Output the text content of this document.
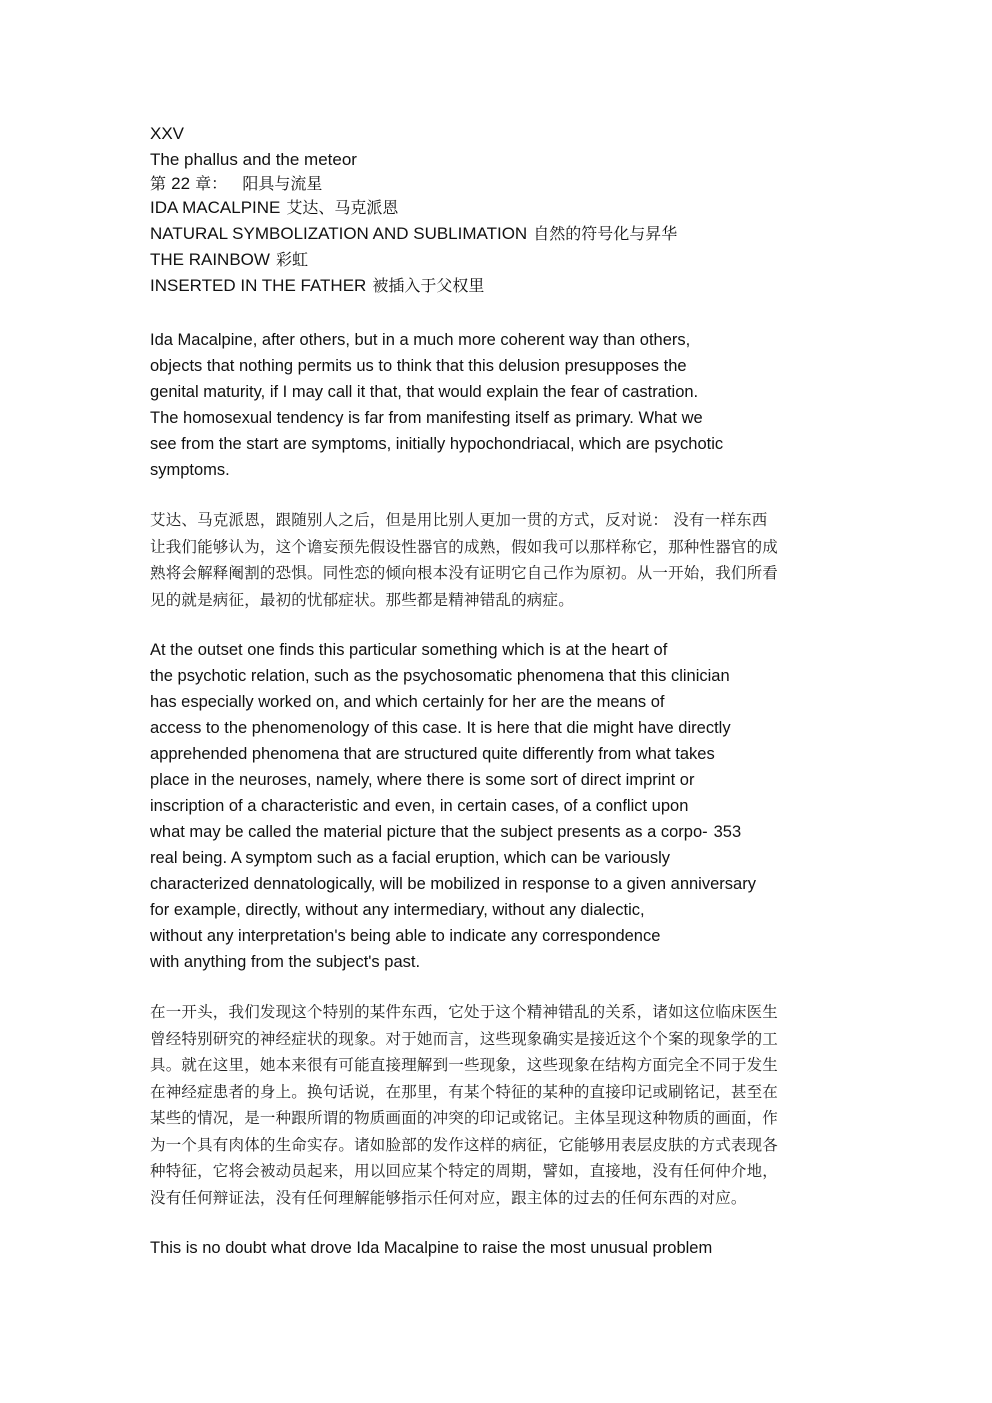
XXV
The phallus and the meteor
第 22 章： 阳具与流星
IDA MACALPINE 艾达、马克派恩
NATURAL SYMBOLIZATION AND SUBLIMATION 自然的符号化与昇华
THE RAINBOW 彩虹
INSERTED IN THE FATHER 被插入于父权里

Ida Macalpine, after others, but in a much more coherent way than others,
objects that nothing permits us to think that this delusion presupposes the
genital maturity, if I may call it that, that would explain the fear of castration.
The homosexual tendency is far from manifesting itself as primary. What we
see from the start are symptoms, initially hypochondriacal, which are psychotic
symptoms.

艾达、马克派恩，跟随别人之后，但是用比别人更加一贯的方式，反对说： 没有一样东西
让我们能够认为，这个谵妄预先假设性器官的成熟，假如我可以那样称它，那种性器官的成
熟将会解释阉割的恐惧。同性恋的倾向根本没有证明它自己作为原初。从一开始，我们所看
见的就是病征，最初的忧郁症状。那些都是精神错乱的病症。

At the outset one finds this particular something which is at the heart of
the psychotic relation, such as the psychosomatic phenomena that this clinician
has especially worked on, and which certainly for her are the means of
access to the phenomenology of this case. It is here that die might have directly
apprehended phenomena that are structured quite differently from what takes
place in the neuroses, namely, where there is some sort of direct imprint or
inscription of a characteristic and even, in certain cases, of a conflict upon
what may be called the material picture that the subject presents as a corpo- 353
real being. A symptom such as a facial eruption, which can be variously
characterized dennatologically, will be mobilized in response to a given anniversary
for example, directly, without any intermediary, without any dialectic,
without any interpretation's being able to indicate any correspondence
with anything from the subject's past.

在一开头，我们发现这个特别的某件东西，它处于这个精神错乱的关系，诸如这位临床医生
曾经特别研究的神经症状的现象。对于她而言，这些现象确实是接近这个个案的现象学的工
具。就在这里，她本来很有可能直接理解到一些现象，这些现象在结构方面完全不同于发生
在神经症患者的身上。换句话说，在那里，有某个特征的某种的直接印记或刷铭记，甚至在
某些的情况，是一种跟所谓的物质画面的冲突的印记或铭记。主体呈现这种物质的画面，作
为一个具有肉体的生命实存。诸如脸部的发作这样的病征，它能够用表层皮肤的方式表现各
种特征，它将会被动员起来，用以回应某个特定的周期，譬如，直接地，没有任何仲介地，
没有任何辩证法，没有任何理解能够指示任何对应，跟主体的过去的任何东西的对应。

This is no doubt what drove Ida Macalpine to raise the most unusual problem
